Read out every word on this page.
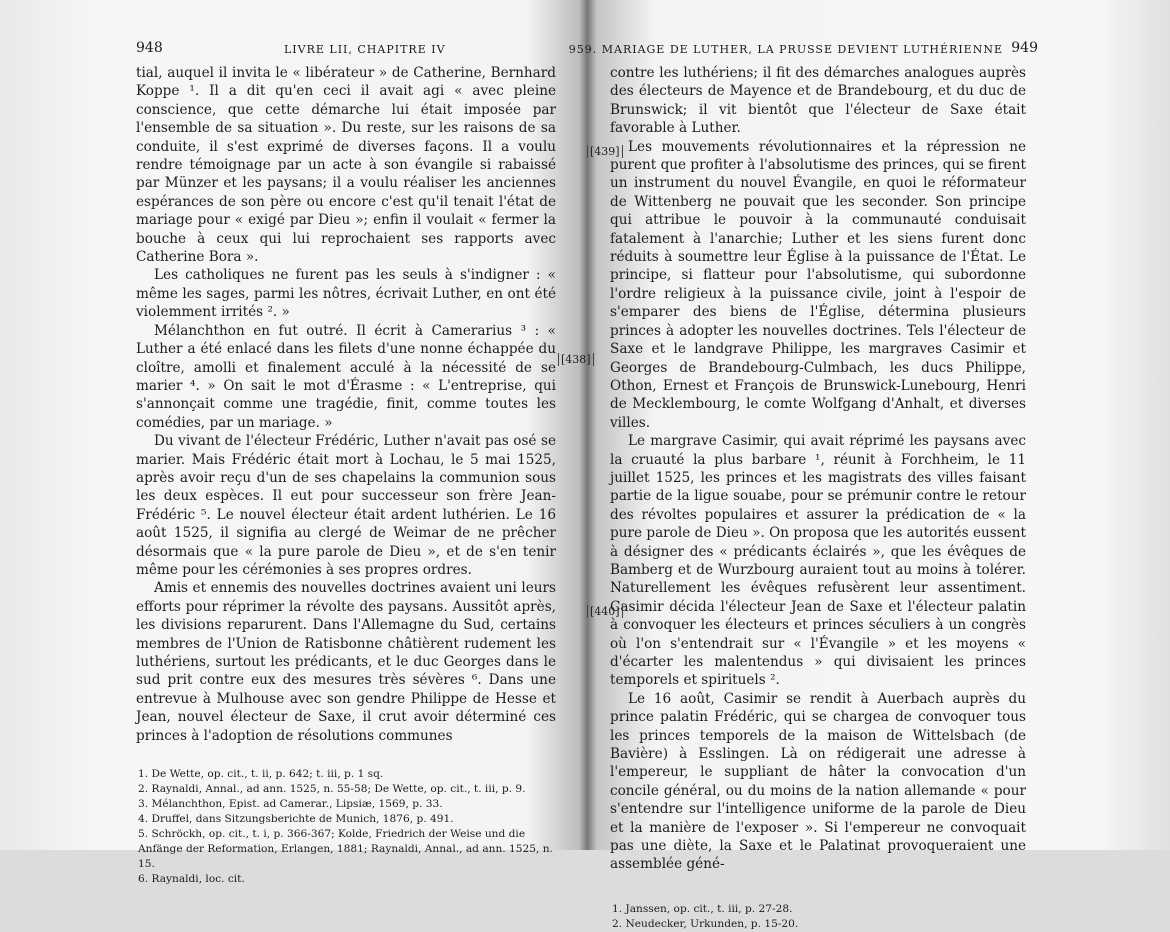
948	LIVRE LII, CHAPITRE IV

tial, auquel il invita le « libérateur » de Catherine, Bernhard Koppe ¹. Il a dit qu'en ceci il avait agi « avec pleine conscience, que cette démarche lui était imposée par l'ensemble de sa situation ». Du reste, sur les raisons de sa conduite, il s'est exprimé de diverses façons. Il a voulu rendre témoignage par un acte à son évangile si rabaissé par Münzer et les paysans; il a voulu réaliser les anciennes espérances de son père ou encore c'est qu'il tenait l'état de mariage pour « exigé par Dieu »; enfin il voulait « fermer la bouche à ceux qui lui reprochaient ses rapports avec Catherine Bora ».

Les catholiques ne furent pas les seuls à s'indigner : « même les sages, parmi les nôtres, écrivait Luther, en ont été violemment irrités ². »

Mélanchthon en fut outré. Il écrit à Camerarius ³ : « Luther a été enlacé dans les filets d'une nonne échappée du cloître, amolli et finalement acculé à la nécessité de se marier ⁴. » On sait le mot d'Érasme : « L'entreprise, qui s'annonçait comme une tragédie, finit, comme toutes les comédies, par un mariage. »

Du vivant de l'électeur Frédéric, Luther n'avait pas osé se marier. Mais Frédéric était mort à Lochau, le 5 mai 1525, après avoir reçu d'un de ses chapelains la communion sous les deux espèces. Il eut pour successeur son frère Jean-Frédéric ⁵. Le nouvel électeur était ardent luthérien. Le 16 août 1525, il signifia au clergé de Weimar de ne prêcher désormais que « la pure parole de Dieu », et de s'en tenir même pour les cérémonies à ses propres ordres.

Amis et ennemis des nouvelles doctrines avaient uni leurs efforts pour réprimer la révolte des paysans. Aussitôt après, les divisions reparurent. Dans l'Allemagne du Sud, certains membres de l'Union de Ratisbonne châtièrent rudement les luthériens, surtout les prédicants, et le duc Georges dans le sud prit contre eux des mesures très sévères ⁶. Dans une entrevue à Mulhouse avec son gendre Philippe de Hesse et Jean, nouvel électeur de Saxe, il crut avoir déterminé ces princes à l'adoption de résolutions communes

[438]

1. De Wette, op. cit., t. ii, p. 642; t. iii, p. 1 sq.

2. Raynaldi, Annal., ad ann. 1525, n. 55-58; De Wette, op. cit., t. iii, p. 9.

3. Mélanchthon, Epist. ad Camerar., Lipsiæ, 1569, p. 33.

4. Druffel, dans Sitzungsberichte de Munich, 1876, p. 491.

5. Schröckh, op. cit., t. i, p. 366-367; Kolde, Friedrich der Weise und die Anfänge der Reformation, Erlangen, 1881; Raynaldi, Annal., ad ann. 1525, n. 15.

6. Raynaldi, loc. cit.

959. MARIAGE DE LUTHER, LA PRUSSE DEVIENT LUTHÉRIENNE 949

contre les luthériens; il fit des démarches analogues auprès des électeurs de Mayence et de Brandebourg, et du duc de Brunswick; il vit bientôt que l'électeur de Saxe était favorable à Luther.

Les mouvements révolutionnaires et la répression ne purent que profiter à l'absolutisme des princes, qui se firent un instrument du nouvel Évangile, en quoi le réformateur de Wittenberg ne pouvait que les seconder. Son principe qui attribue le pouvoir à la communauté conduisait fatalement à l'anarchie; Luther et les siens furent donc réduits à soumettre leur Église à la puissance de l'État. Le principe, si flatteur pour l'absolutisme, qui subordonne l'ordre religieux à la puissance civile, joint à l'espoir de s'emparer des biens de l'Église, détermina plusieurs princes à adopter les nouvelles doctrines. Tels l'électeur de Saxe et le landgrave Philippe, les margraves Casimir et Georges de Brandebourg-Culmbach, les ducs Philippe, Othon, Ernest et François de Brunswick-Lunebourg, Henri de Mecklembourg, le comte Wolfgang d'Anhalt, et diverses villes.

Le margrave Casimir, qui avait réprimé les paysans avec la cruauté la plus barbare ¹, réunit à Forchheim, le 11 juillet 1525, les princes et les magistrats des villes faisant partie de la ligue souabe, pour se prémunir contre le retour des révoltes populaires et assurer la prédication de « la pure parole de Dieu ». On proposa que les autorités eussent à désigner des « prédicants éclairés », que les évêques de Bamberg et de Wurzbourg auraient tout au moins à tolérer. Naturellement les évêques refusèrent leur assentiment. Casimir décida l'électeur Jean de Saxe et l'électeur palatin à convoquer les électeurs et princes séculiers à un congrès où l'on s'entendrait sur « l'Évangile » et les moyens « d'écarter les malentendus » qui divisaient les princes temporels et spirituels ².

Le 16 août, Casimir se rendit à Auerbach auprès du prince palatin Frédéric, qui se chargea de convoquer tous les princes temporels de la maison de Wittelsbach (de Bavière) à Esslingen. Là on rédigerait une adresse à l'empereur, le suppliant de hâter la convocation d'un concile général, ou du moins de la nation allemande « pour s'entendre sur l'intelligence uniforme de la parole de Dieu et la manière de l'exposer ». Si l'empereur ne convoquait pas une diète, la Saxe et le Palatinat provoqueraient une assemblée géné-

[439]
[440]

1. Janssen, op. cit., t. iii, p. 27-28.

2. Neudecker, Urkunden, p. 15-20.
